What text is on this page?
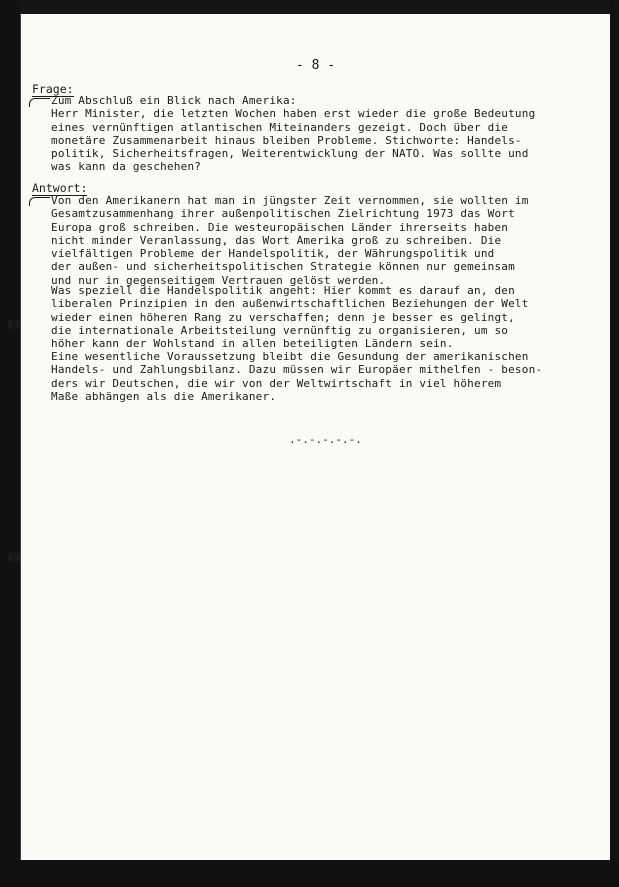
- 8 -
Frage:
Zum Abschluß ein Blick nach Amerika:
Herr Minister, die letzten Wochen haben erst wieder die große Bedeutung
eines vernünftigen atlantischen Miteinanders gezeigt. Doch über die
monetäre Zusammenarbeit hinaus bleiben Probleme. Stichworte: Handels-
politik, Sicherheitsfragen, Weiterentwicklung der NATO. Was sollte und
was kann da geschehen?
Antwort:
Von den Amerikanern hat man in jüngster Zeit vernommen, sie wollten im
Gesamtzusammenhang ihrer außenpolitischen Zielrichtung 1973 das Wort
Europa groß schreiben. Die westeuropäischen Länder ihrerseits haben
nicht minder Veranlassung, das Wort Amerika groß zu schreiben. Die
vielfältigen Probleme der Handelspolitik, der Währungspolitik und
der außen- und sicherheitspolitischen Strategie können nur gemeinsam
und nur in gegenseitigem Vertrauen gelöst werden.
Was speziell die Handelspolitik angeht: Hier kommt es darauf an, den
liberalen Prinzipien in den außenwirtschaftlichen Beziehungen der Welt
wieder einen höheren Rang zu verschaffen; denn je besser es gelingt,
die internationale Arbeitsteilung vernünftig zu organisieren, um so
höher kann der Wohlstand in allen beteiligten Ländern sein.
Eine wesentliche Voraussetzung bleibt die Gesundung der amerikanischen
Handels- und Zahlungsbilanz. Dazu müssen wir Europäer mithelfen - beson-
ders wir Deutschen, die wir von der Weltwirtschaft in viel höherem
Maße abhängen als die Amerikaner.
.-.-.-.-.-.
◖◗
◖◗
